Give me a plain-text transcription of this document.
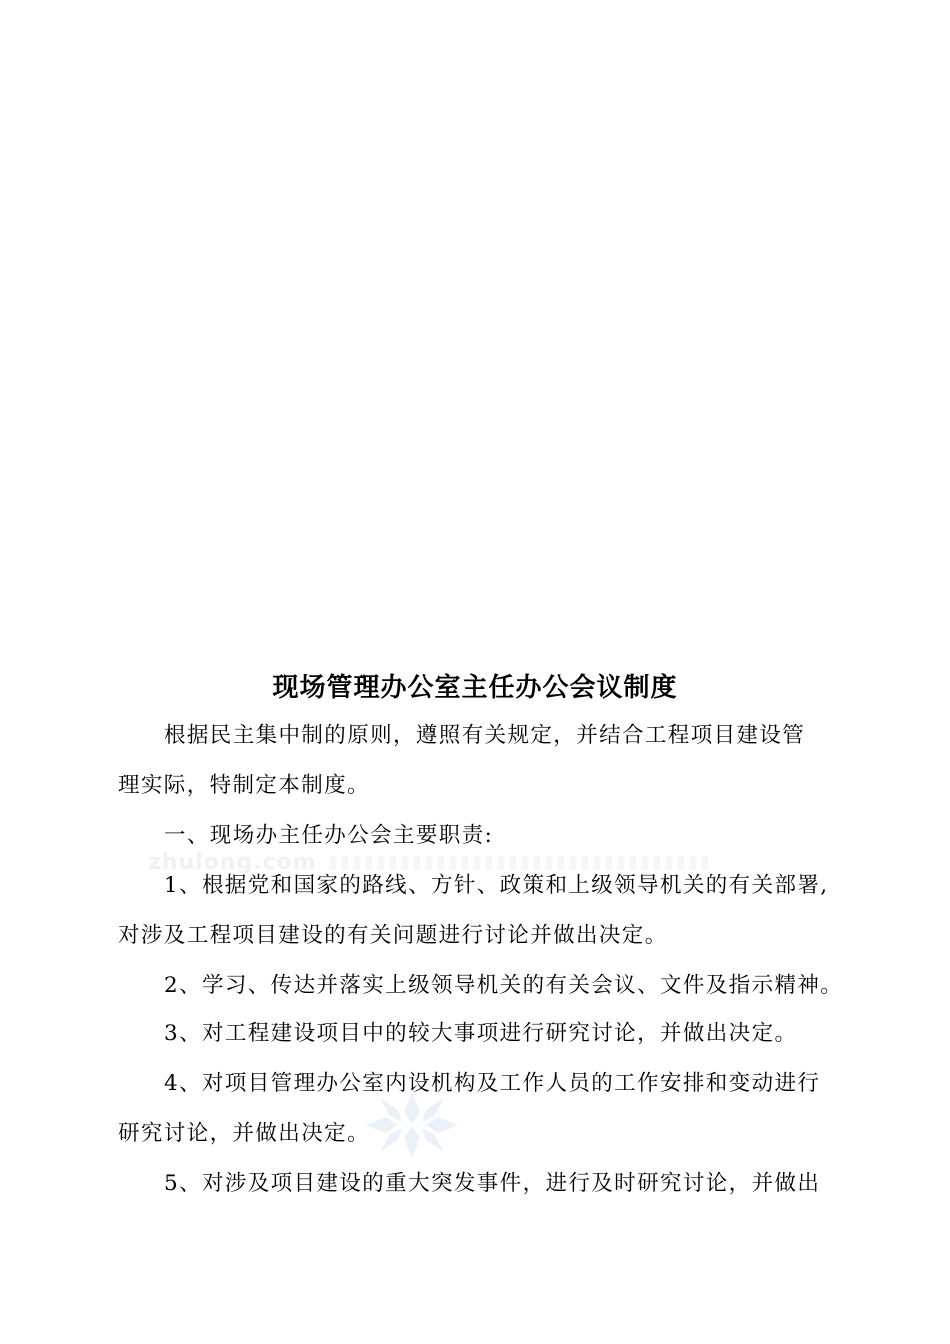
zhulong.com
现场管理办公室主任办公会议制度
根据民主集中制的原则，遵照有关规定，并结合工程项目建设管
理实际，特制定本制度。
一、现场办主任办公会主要职责:
1、根据党和国家的路线、方针、政策和上级领导机关的有关部署,
对涉及工程项目建设的有关问题进行讨论并做出决定。
2、学习、传达并落实上级领导机关的有关会议、文件及指示精神。
3、对工程建设项目中的较大事项进行研究讨论，并做出决定。
4、对项目管理办公室内设机构及工作人员的工作安排和变动进行
研究讨论，并做出决定。
5、对涉及项目建设的重大突发事件，进行及时研究讨论，并做出
